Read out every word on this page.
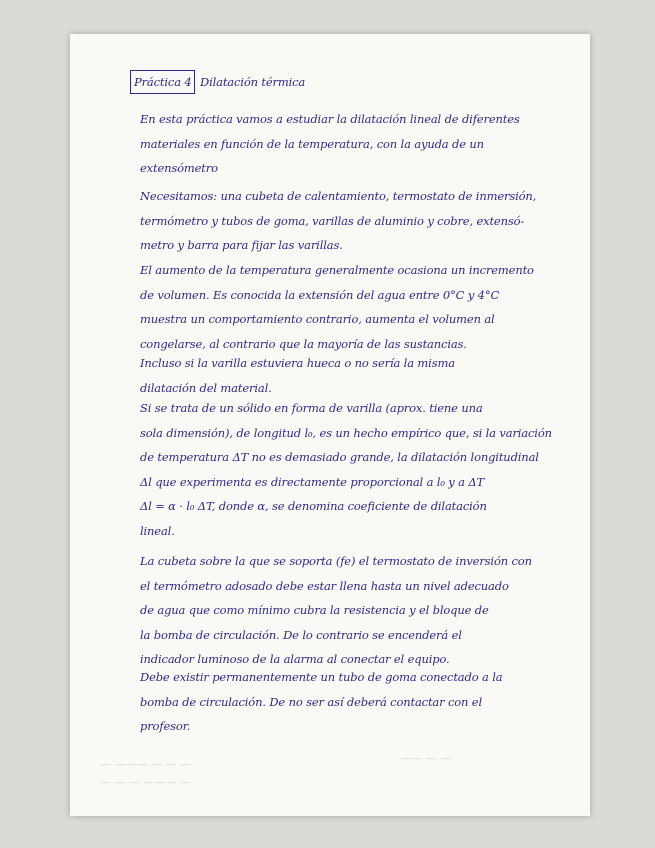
— — — ——— —
— ——— — — —
— — ——
Práctica 4 Dilatación térmica
En esta práctica vamos a estudiar la dilatación lineal de diferentes
materiales en función de la temperatura, con la ayuda de un
extensómetro
Necesitamos: una cubeta de calentamiento, termostato de inmersión,
termómetro y tubos de goma, varillas de aluminio y cobre, extensó-
metro y barra para fijar las varillas.
El aumento de la temperatura generalmente ocasiona un incremento
de volumen. Es conocida la extensión del agua entre 0°C y 4°C
muestra un comportamiento contrario, aumenta el volumen al
congelarse, al contrario que la mayoría de las sustancias.
Incluso si la varilla estuviera hueca o no sería la misma
dilatación del material.
Si se trata de un sólido en forma de varilla (aprox. tiene una
sola dimensión), de longitud l₀, es un hecho empírico que, si la variación
de temperatura ΔT no es demasiado grande, la dilatación longitudinal
Δl que experimenta es directamente proporcional a l₀ y a ΔT
Δl = α · l₀ ΔT, donde α, se denomina coeficiente de dilatación
lineal.
La cubeta sobre la que se soporta (fe) el termostato de inversión con
el termómetro adosado debe estar llena hasta un nivel adecuado
de agua que como mínimo cubra la resistencia y el bloque de
la bomba de circulación. De lo contrario se encenderá el
indicador luminoso de la alarma al conectar el equipo.
Debe existir permanentemente un tubo de goma conectado a la
bomba de circulación. De no ser así deberá contactar con el
profesor.
